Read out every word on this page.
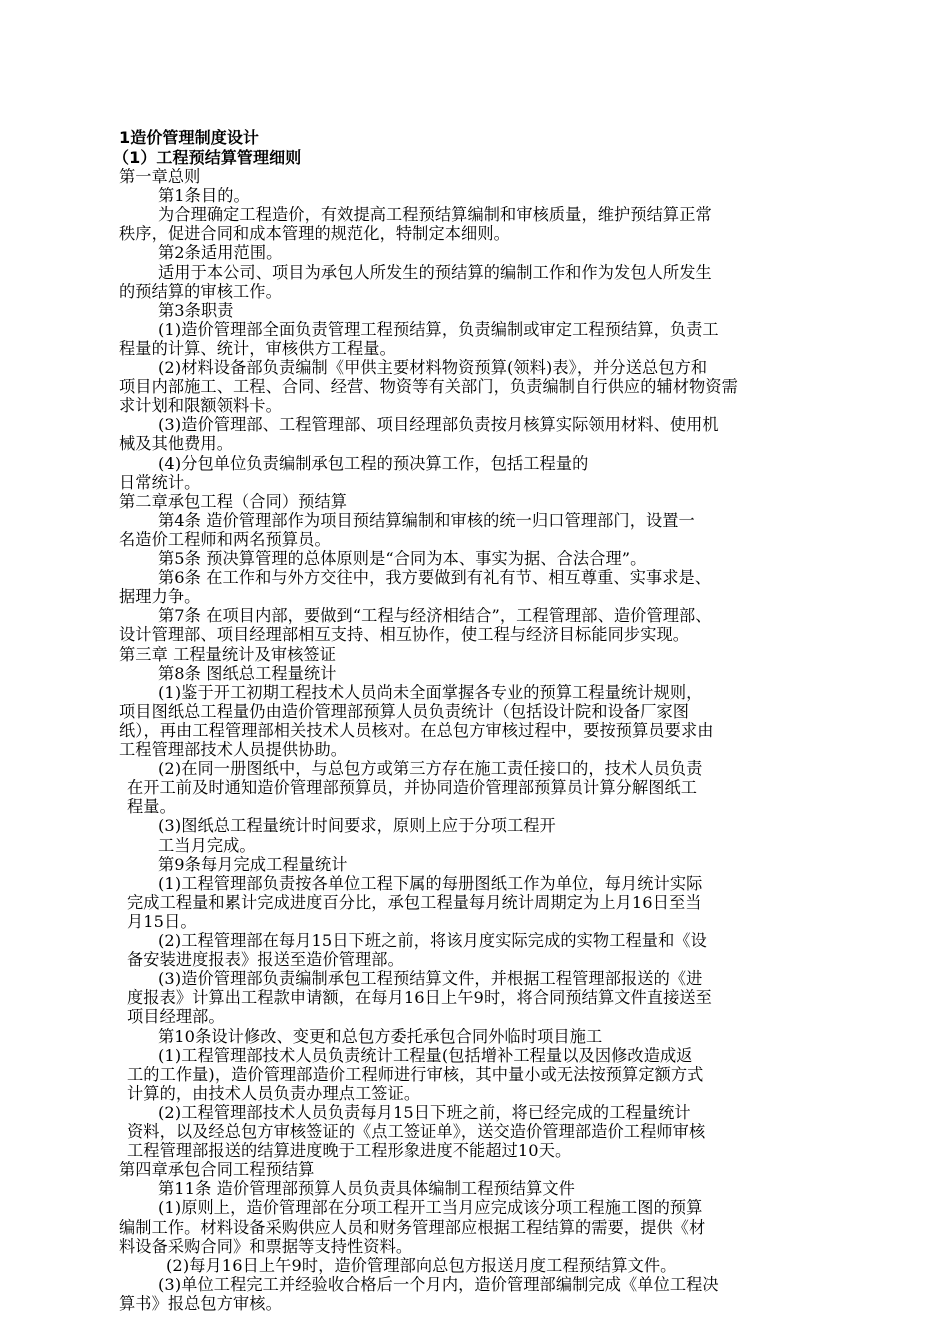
1造价管理制度设计
（1）工程预结算管理细则
第一章总则
第1条目的。
为合理确定工程造价，有效提高工程预结算编制和审核质量，维护预结算正常
秩序，促进合同和成本管理的规范化，特制定本细则。
第2条适用范围。
适用于本公司、项目为承包人所发生的预结算的编制工作和作为发包人所发生
的预结算的审核工作。
第3条职责
(1)造价管理部全面负责管理工程预结算，负责编制或审定工程预结算，负责工
程量的计算、统计，审核供方工程量。
(2)材料设备部负责编制《甲供主要材料物资预算(领料)表》，并分送总包方和
项目内部施工、工程、合同、经营、物资等有关部门，负责编制自行供应的辅材物资需
求计划和限额领料卡。
(3)造价管理部、工程管理部、项目经理部负责按月核算实际领用材料、使用机
械及其他费用。
(4)分包单位负责编制承包工程的预决算工作，包括工程量的
日常统计。
第二章承包工程（合同）预结算
第4条 造价管理部作为项目预结算编制和审核的统一归口管理部门，设置一
名造价工程师和两名预算员。
第5条 预决算管理的总体原则是“合同为本、事实为据、合法合理”。
第6条 在工作和与外方交往中，我方要做到有礼有节、相互尊重、实事求是、
据理力争。
第7条 在项目内部，要做到“工程与经济相结合”，工程管理部、造价管理部、
设计管理部、项目经理部相互支持、相互协作，使工程与经济目标能同步实现。
第三章 工程量统计及审核签证
第8条 图纸总工程量统计
(1)鉴于开工初期工程技术人员尚未全面掌握各专业的预算工程量统计规则，
项目图纸总工程量仍由造价管理部预算人员负责统计（包括设计院和设备厂家图
纸），再由工程管理部相关技术人员核对。在总包方审核过程中，要按预算员要求由
工程管理部技术人员提供协助。
(2)在同一册图纸中，与总包方或第三方存在施工责任接口的，技术人员负责
在开工前及时通知造价管理部预算员，并协同造价管理部预算员计算分解图纸工
程量。
(3)图纸总工程量统计时间要求，原则上应于分项工程开
工当月完成。
第9条每月完成工程量统计
(1)工程管理部负责按各单位工程下属的每册图纸工作为单位，每月统计实际
完成工程量和累计完成进度百分比，承包工程量每月统计周期定为上月16日至当
月15日。
(2)工程管理部在每月15日下班之前，将该月度实际完成的实物工程量和《设
备安装进度报表》报送至造价管理部。
(3)造价管理部负责编制承包工程预结算文件，并根据工程管理部报送的《进
度报表》计算出工程款申请额，在每月16日上午9时，将合同预结算文件直接送至
项目经理部。
第10条设计修改、变更和总包方委托承包合同外临时项目施工
(1)工程管理部技术人员负责统计工程量(包括增补工程量以及因修改造成返
工的工作量)，造价管理部造价工程师进行审核，其中量小或无法按预算定额方式
计算的，由技术人员负责办理点工签证。
(2)工程管理部技术人员负责每月15日下班之前，将已经完成的工程量统计
资料，以及经总包方审核签证的《点工签证单》，送交造价管理部造价工程师审核
工程管理部报送的结算进度晚于工程形象进度不能超过10天。
第四章承包合同工程预结算
第11条 造价管理部预算人员负责具体编制工程预结算文件
(1)原则上，造价管理部在分项工程开工当月应完成该分项工程施工图的预算
编制工作。材料设备采购供应人员和财务管理部应根据工程结算的需要，提供《材
料设备采购合同》和票据等支持性资料。
(2)每月16日上午9时，造价管理部向总包方报送月度工程预结算文件。
(3)单位工程完工并经验收合格后一个月内，造价管理部编制完成《单位工程决
算书》报总包方审核。
